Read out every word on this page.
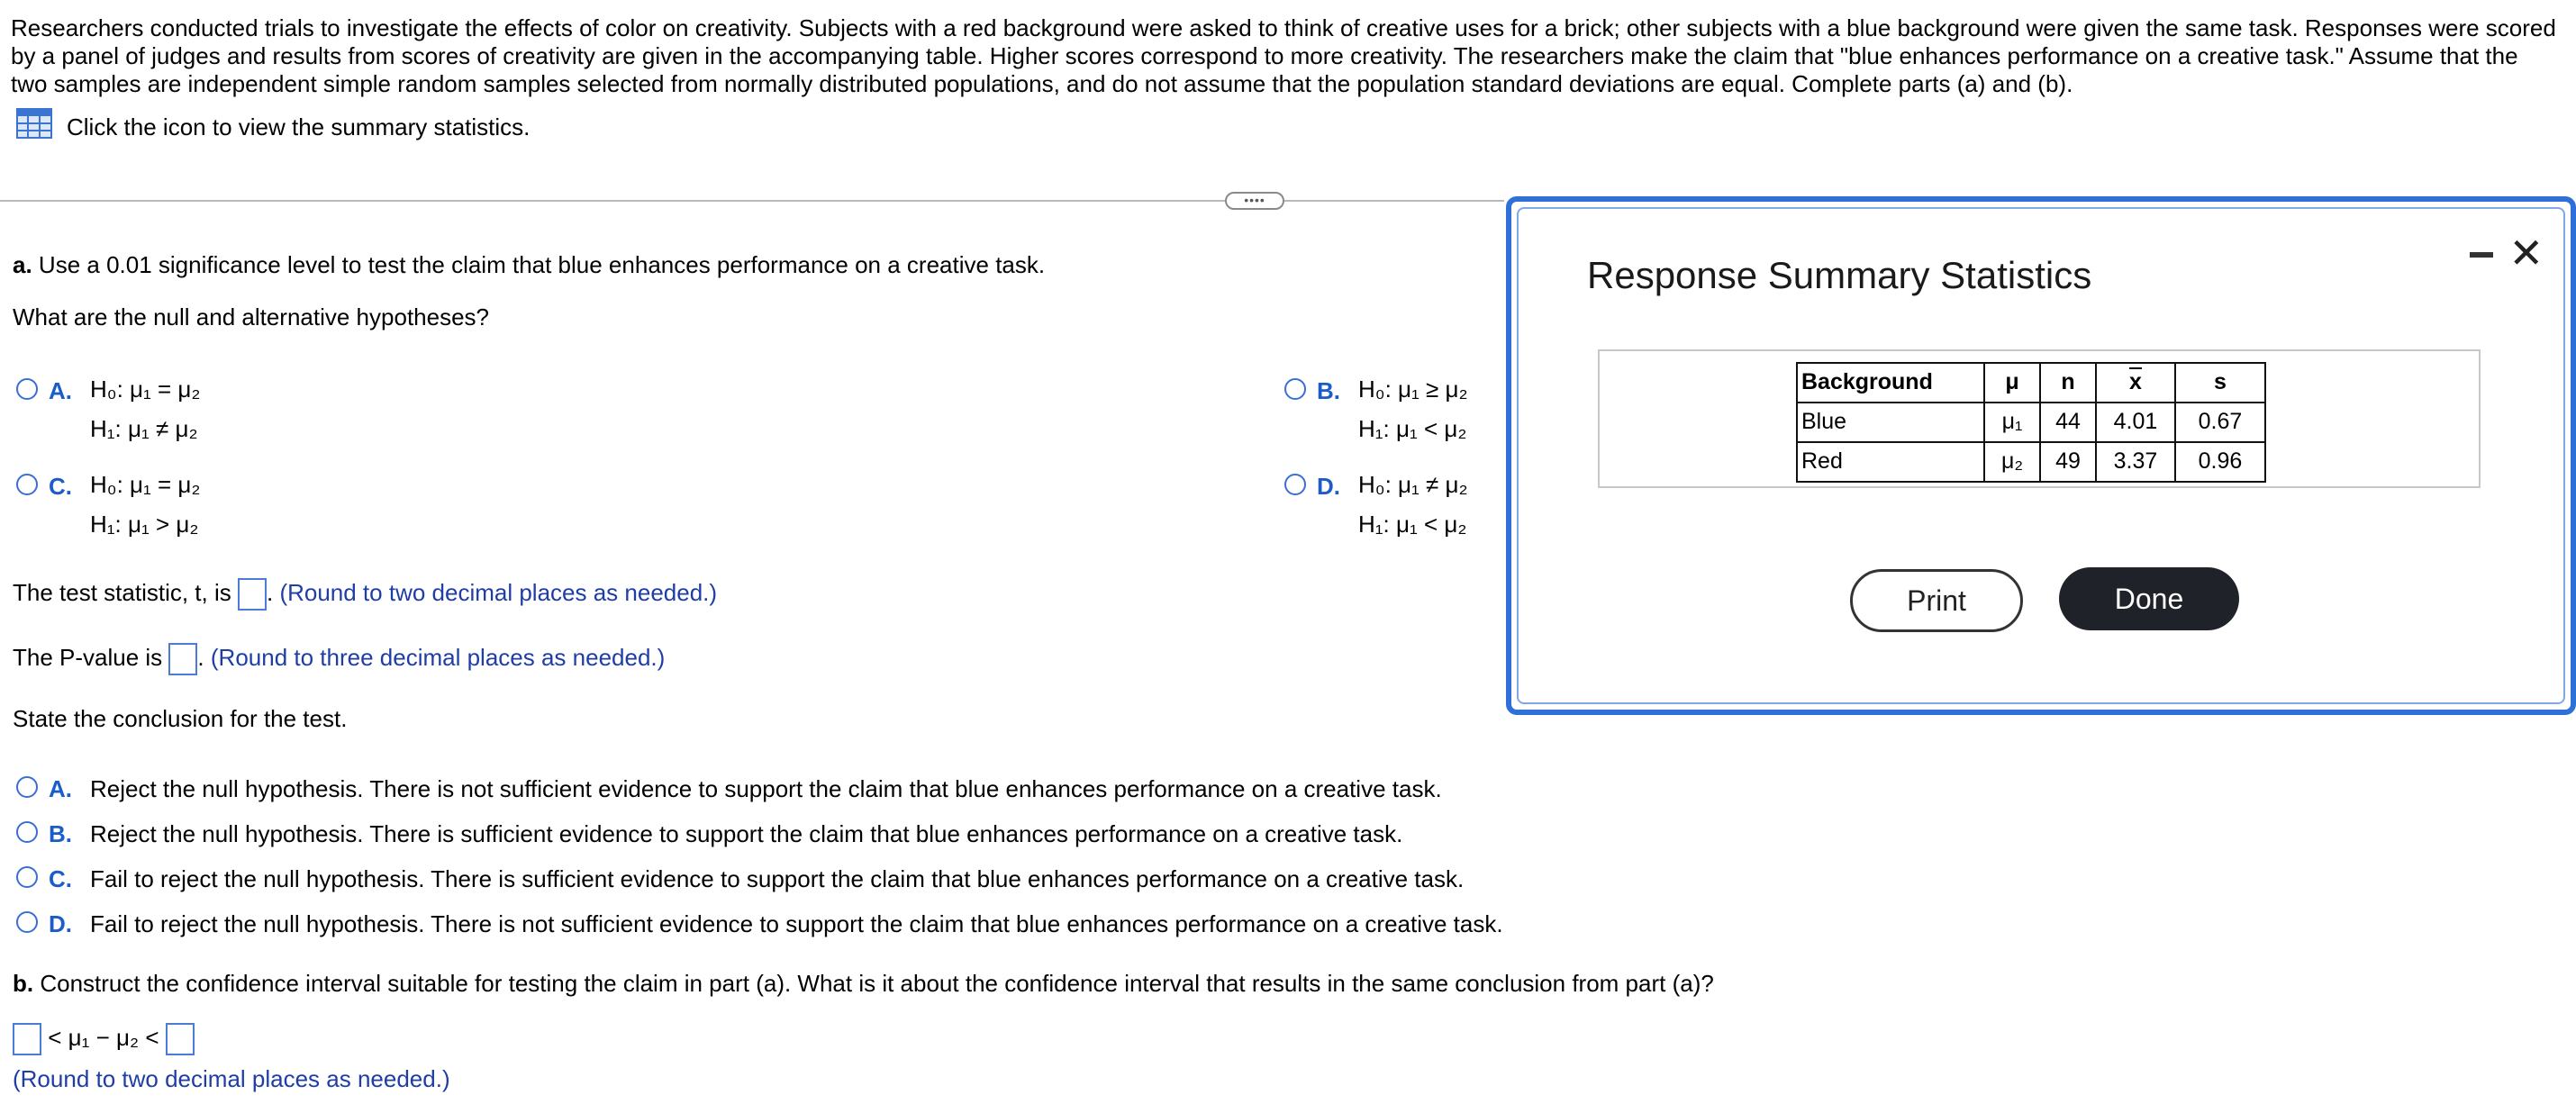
Researchers conducted trials to investigate the effects of color on creativity. Subjects with a red background were asked to think of creative uses for a brick; other subjects with a blue background were given the same task. Responses were scored by a panel of judges and results from scores of creativity are given in the accompanying table. Higher scores correspond to more creativity. The researchers make the claim that "blue enhances performance on a creative task." Assume that the two samples are independent simple random samples selected from normally distributed populations, and do not assume that the population standard deviations are equal. Complete parts (a) and (b).

Click the icon to view the summary statistics.
••••
a. Use a 0.01 significance level to test the claim that blue enhances performance on a creative task.
What are the null and alternative hypotheses?
A. H₀: μ₁ = μ₂
H₁: μ₁ ≠ μ₂
B. H₀: μ₁ ≥ μ₂
H₁: μ₁ < μ₂
C. H₀: μ₁ = μ₂
H₁: μ₁ > μ₂
D. H₀: μ₁ ≠ μ₂
H₁: μ₁ < μ₂
The test statistic, t, is . (Round to two decimal places as needed.)
The P-value is . (Round to three decimal places as needed.)
State the conclusion for the test.
A. Reject the null hypothesis. There is not sufficient evidence to support the claim that blue enhances performance on a creative task.
B. Reject the null hypothesis. There is sufficient evidence to support the claim that blue enhances performance on a creative task.
C. Fail to reject the null hypothesis. There is sufficient evidence to support the claim that blue enhances performance on a creative task.
D. Fail to reject the null hypothesis. There is not sufficient evidence to support the claim that blue enhances performance on a creative task.
b. Construct the confidence interval suitable for testing the claim in part (a). What is it about the confidence interval that results in the same conclusion from part (a)?
< μ₁ − μ₂ <
(Round to two decimal places as needed.)
Response Summary Statistics	✕
Background	μ	n	$\overline{x}$	s
Blue	μ₁	44	4.01	0.67
Red	μ₂	49	3.37	0.96
Print	Done
